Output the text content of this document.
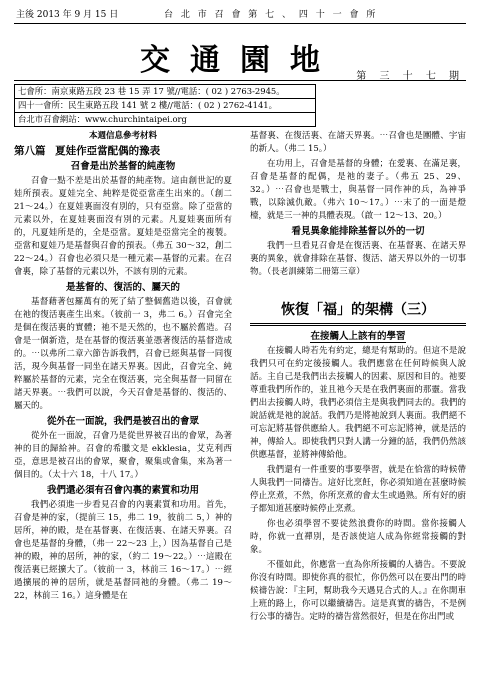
主後 2013 年 9 月 15 日	台 北 市 召 會 第 七 、 四 十 一 會 所
交通園地	第 三 十 七 期
七會所：南京東路五段 23 巷 15 弄 17 號//電話：( 02 ) 2763-2945。
四十一會所：民生東路五段 141 號 2 樓//電話：( 02 ) 2762-4141。
台北市召會網站：www.churchintaipei.org
本週信息參考材料
第八篇 夏娃作亞當配偶的豫表
召會是出於基督的純產物

召會一點不差是出於基督的純產物。這由創世記的夏娃所預表。夏娃完全、純粹是從亞當產生出來的。（創二 21～24。）在夏娃裏面沒有別的，只有亞當。除了亞當的元素以外，在夏娃裏面沒有別的元素。凡夏娃裏面所有的，凡夏娃所是的，全是亞當。夏娃是亞當完全的複製。亞當和夏娃乃是基督與召會的預表。（弗五 30～32，創二 22～24。）召會也必須只是一種元素—基督的元素。在召會裏，除了基督的元素以外，不該有別的元素。

是基督的、復活的、屬天的

基督藉著包羅萬有的死了結了整個舊造以後，召會就在祂的復活裏產生出來。（彼前一 3，弗二 6。）召會完全是個在復活裏的實體；祂不是天然的，也不屬於舊造。召會是一個新造，是在基督的復活裏並憑著復活的基督造成的。⋯以弗所二章六節告訴我們，召會已經與基督一同復活，現今與基督一同坐在諸天界裏。因此，召會完全、純粹屬於基督的元素，完全在復活裏，完全與基督一同留在諸天界裏。⋯我們可以說，今天召會是基督的、復活的、屬天的。

從外在一面說，我們是被召出的會眾

從外在一面說，召會乃是從世界被召出的會眾，為著神的目的歸給神。召會的希臘文是 ekklesia，艾克利西亞，意思是被召出的會眾，聚會，聚集或會集，來為著一個目的。（太十六 18，十八 17。）

我們還必須有召會內裏的素質和功用

我們必須進一步看見召會的內裏素質和功用。首先，召會是神的家，（提前三 15，弗二 19，彼前二 5，）神的居所，神的殿，是在基督裏、在復活裏、在諸天界裏。召會也是基督的身體，（弗一 22～23 上，）因為基督自己是神的殿，神的居所，神的家，（約二 19～22。）⋯這殿在復活裏已經擴大了。（彼前一 3，林前三 16～17。）⋯經過擴展的神的居所，就是基督同祂的身體。（弗二 19～22，林前三 16。）這身體是在

基督裏、在復活裏、在諸天界裏。⋯召會也是團體、宇宙的新人。（弗二 15。）

在功用上，召會是基督的身體；在愛裏、在滿足裏，召會是基督的配偶，是祂的妻子。（弗五 25、29、32。）⋯召會也是戰士，與基督一同作神的兵，為神爭戰，以除滅仇敵。（弗六 10～17。）⋯末了的一面是燈檯，就是三一神的具體表現。（啟一 12～13、20。）

看見異象能排除基督以外的一切

我們一旦看見召會是在復活裏、在基督裏、在諸天界裏的異象，就會排除在基督、復活、諸天界以外的一切事物。（長老訓練第二冊第三章）

恢復「福」的架構（三）
在接觸人上該有的學習

在接觸人時若先有約定，總是有幫助的。但這不是說我們只可在約定後接觸人。我們應當在任何時候與人說話。主自己是我們出去接觸人的因素、原因和目的。祂要尊重我們所作的，並且祂今天是在我們裏面的那靈。當我們出去接觸人時，我們必須信主是與我們同去的。我們的說話就是祂的說話。我們乃是將祂說到人裏面。我們絕不可忘記將基督供應給人。我們絕不可忘記將神，就是活的神，傳給人。即使我們只對人講一分鐘的話，我們仍然該供應基督，並將神傳給他。

我們還有一件重要的事要學習，就是在恰當的時候帶人與我們一同禱告。這好比烹飪，你必須知道在甚麼時候停止烹煮，不然，你所烹煮的會太生或過熟。所有好的廚子都知道甚麼時候停止烹煮。

你也必須學習不要徒然浪費你的時間。當你接觸人時，你就一直禪別，是否該使這人成為你經常接觸的對象。

不僅如此，你應當一直為你所接觸的人禱告。不要說你沒有時間。即使你真的很忙，你仍然可以在要出門的時候禱告說：『主阿，幫助我今天遇見合式的人。』在你開車上班的路上，你可以繼續禱告。這是真實的禱告，不是例行公事的禱告。定時的禱告當然很好，但是在你出門或
